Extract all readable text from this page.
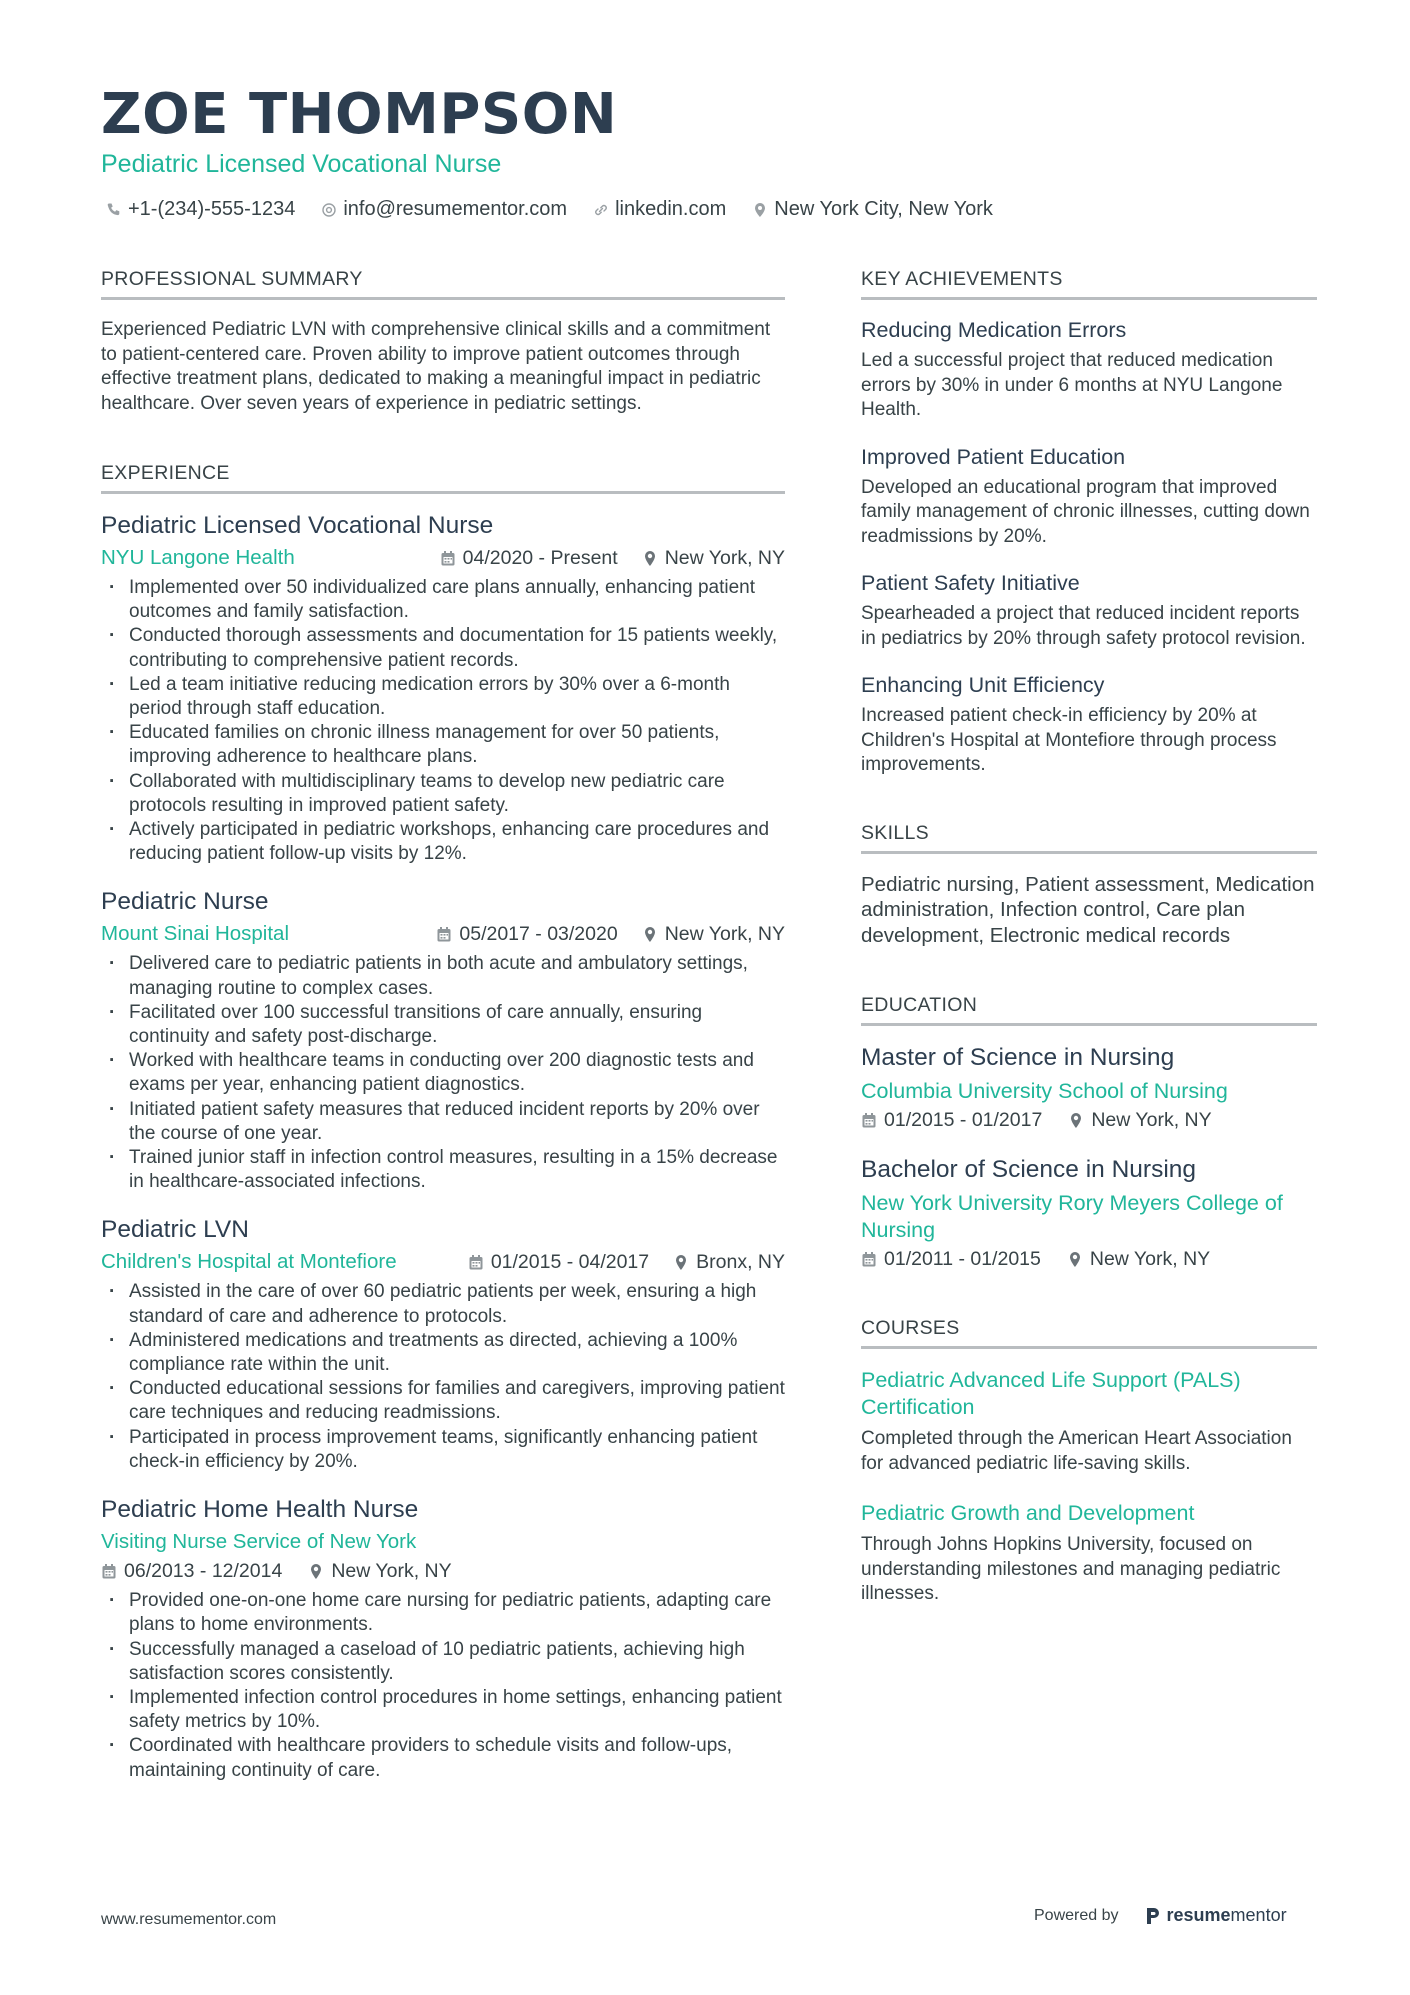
ZOE THOMPSON
Pediatric Licensed Vocational Nurse
+1-(234)-555-1234 info@resumementor.com linkedin.com New York City, New York
PROFESSIONAL SUMMARY

Experienced Pediatric LVN with comprehensive clinical skills and a commitment to patient-centered care. Proven ability to improve patient outcomes through effective treatment plans, dedicated to making a meaningful impact in pediatric healthcare. Over seven years of experience in pediatric settings.

EXPERIENCE
Pediatric Licensed Vocational Nurse
NYU Langone Health	04/2020 - Present New York, NY
· Implemented over 50 individualized care plans annually, enhancing patient outcomes and family satisfaction.
· Conducted thorough assessments and documentation for 15 patients weekly, contributing to comprehensive patient records.
· Led a team initiative reducing medication errors by 30% over a 6-month period through staff education.
· Educated families on chronic illness management for over 50 patients, improving adherence to healthcare plans.
· Collaborated with multidisciplinary teams to develop new pediatric care protocols resulting in improved patient safety.
· Actively participated in pediatric workshops, enhancing care procedures and reducing patient follow-up visits by 12%.
Pediatric Nurse
Mount Sinai Hospital	05/2017 - 03/2020 New York, NY
· Delivered care to pediatric patients in both acute and ambulatory settings, managing routine to complex cases.
· Facilitated over 100 successful transitions of care annually, ensuring continuity and safety post-discharge.
· Worked with healthcare teams in conducting over 200 diagnostic tests and exams per year, enhancing patient diagnostics.
· Initiated patient safety measures that reduced incident reports by 20% over the course of one year.
· Trained junior staff in infection control measures, resulting in a 15% decrease in healthcare-associated infections.
Pediatric LVN
Children's Hospital at Montefiore	01/2015 - 04/2017 Bronx, NY
· Assisted in the care of over 60 pediatric patients per week, ensuring a high standard of care and adherence to protocols.
· Administered medications and treatments as directed, achieving a 100% compliance rate within the unit.
· Conducted educational sessions for families and caregivers, improving patient care techniques and reducing readmissions.
· Participated in process improvement teams, significantly enhancing patient check-in efficiency by 20%.
Pediatric Home Health Nurse
Visiting Nurse Service of New York
06/2013 - 12/2014	New York, NY
· Provided one-on-one home care nursing for pediatric patients, adapting care plans to home environments.
· Successfully managed a caseload of 10 pediatric patients, achieving high satisfaction scores consistently.
· Implemented infection control procedures in home settings, enhancing patient safety metrics by 10%.
· Coordinated with healthcare providers to schedule visits and follow-ups, maintaining continuity of care.
KEY ACHIEVEMENTS
Reducing Medication Errors

Led a successful project that reduced medication errors by 30% in under 6 months at NYU Langone Health.

Improved Patient Education

Developed an educational program that improved family management of chronic illnesses, cutting down readmissions by 20%.

Patient Safety Initiative

Spearheaded a project that reduced incident reports in pediatrics by 20% through safety protocol revision.

Enhancing Unit Efficiency

Increased patient check-in efficiency by 20% at Children's Hospital at Montefiore through process improvements.

SKILLS

Pediatric nursing, Patient assessment, Medication administration, Infection control, Care plan development, Electronic medical records

EDUCATION
Master of Science in Nursing
Columbia University School of Nursing
01/2015 - 01/2017	New York, NY
Bachelor of Science in Nursing
New York University Rory Meyers College of Nursing
01/2011 - 01/2015	New York, NY
COURSES
Pediatric Advanced Life Support (PALS) Certification

Completed through the American Heart Association for advanced pediatric life-saving skills.

Pediatric Growth and Development

Through Johns Hopkins University, focused on understanding milestones and managing pediatric illnesses.

www.resumementor.com	Powered by	resumementor
